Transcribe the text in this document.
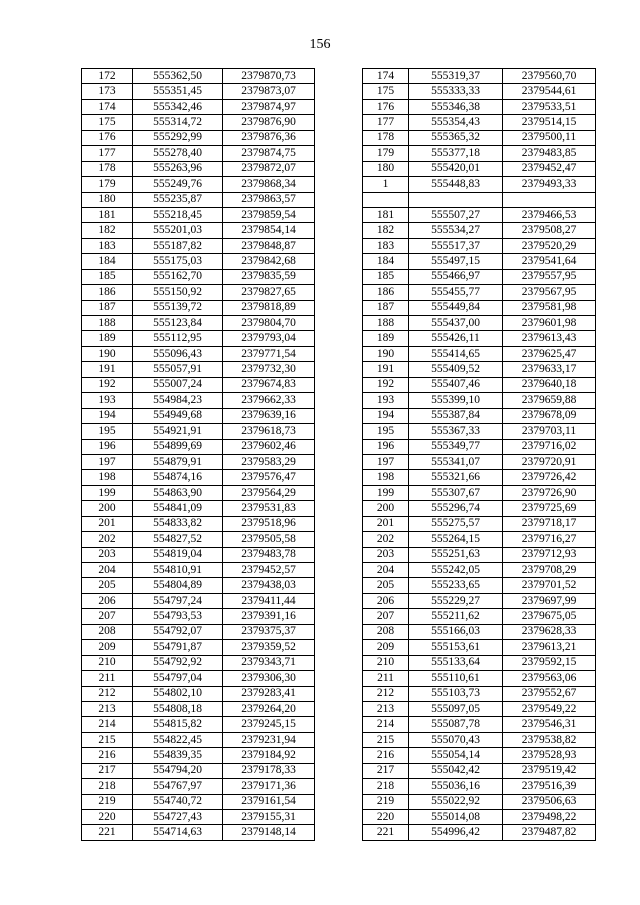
156
172	555362,50	2379870,73		174	555319,37	2379560,70
173	555351,45	2379873,07		175	555333,33	2379544,61
174	555342,46	2379874,97		176	555346,38	2379533,51
175	555314,72	2379876,90		177	555354,43	2379514,15
176	555292,99	2379876,36		178	555365,32	2379500,11
177	555278,40	2379874,75		179	555377,18	2379483,85
178	555263,96	2379872,07		180	555420,01	2379452,47
179	555249,76	2379868,34		1	555448,83	2379493,33
180	555235,87	2379863,57				
181	555218,45	2379859,54		181	555507,27	2379466,53
182	555201,03	2379854,14		182	555534,27	2379508,27
183	555187,82	2379848,87		183	555517,37	2379520,29
184	555175,03	2379842,68		184	555497,15	2379541,64
185	555162,70	2379835,59		185	555466,97	2379557,95
186	555150,92	2379827,65		186	555455,77	2379567,95
187	555139,72	2379818,89		187	555449,84	2379581,98
188	555123,84	2379804,70		188	555437,00	2379601,98
189	555112,95	2379793,04		189	555426,11	2379613,43
190	555096,43	2379771,54		190	555414,65	2379625,47
191	555057,91	2379732,30		191	555409,52	2379633,17
192	555007,24	2379674,83		192	555407,46	2379640,18
193	554984,23	2379662,33		193	555399,10	2379659,88
194	554949,68	2379639,16		194	555387,84	2379678,09
195	554921,91	2379618,73		195	555367,33	2379703,11
196	554899,69	2379602,46		196	555349,77	2379716,02
197	554879,91	2379583,29		197	555341,07	2379720,91
198	554874,16	2379576,47		198	555321,66	2379726,42
199	554863,90	2379564,29		199	555307,67	2379726,90
200	554841,09	2379531,83		200	555296,74	2379725,69
201	554833,82	2379518,96		201	555275,57	2379718,17
202	554827,52	2379505,58		202	555264,15	2379716,27
203	554819,04	2379483,78		203	555251,63	2379712,93
204	554810,91	2379452,57		204	555242,05	2379708,29
205	554804,89	2379438,03		205	555233,65	2379701,52
206	554797,24	2379411,44		206	555229,27	2379697,99
207	554793,53	2379391,16		207	555211,62	2379675,05
208	554792,07	2379375,37		208	555166,03	2379628,33
209	554791,87	2379359,52		209	555153,61	2379613,21
210	554792,92	2379343,71		210	555133,64	2379592,15
211	554797,04	2379306,30		211	555110,61	2379563,06
212	554802,10	2379283,41		212	555103,73	2379552,67
213	554808,18	2379264,20		213	555097,05	2379549,22
214	554815,82	2379245,15		214	555087,78	2379546,31
215	554822,45	2379231,94		215	555070,43	2379538,82
216	554839,35	2379184,92		216	555054,14	2379528,93
217	554794,20	2379178,33		217	555042,42	2379519,42
218	554767,97	2379171,36		218	555036,16	2379516,39
219	554740,72	2379161,54		219	555022,92	2379506,63
220	554727,43	2379155,31		220	555014,08	2379498,22
221	554714,63	2379148,14		221	554996,42	2379487,82
